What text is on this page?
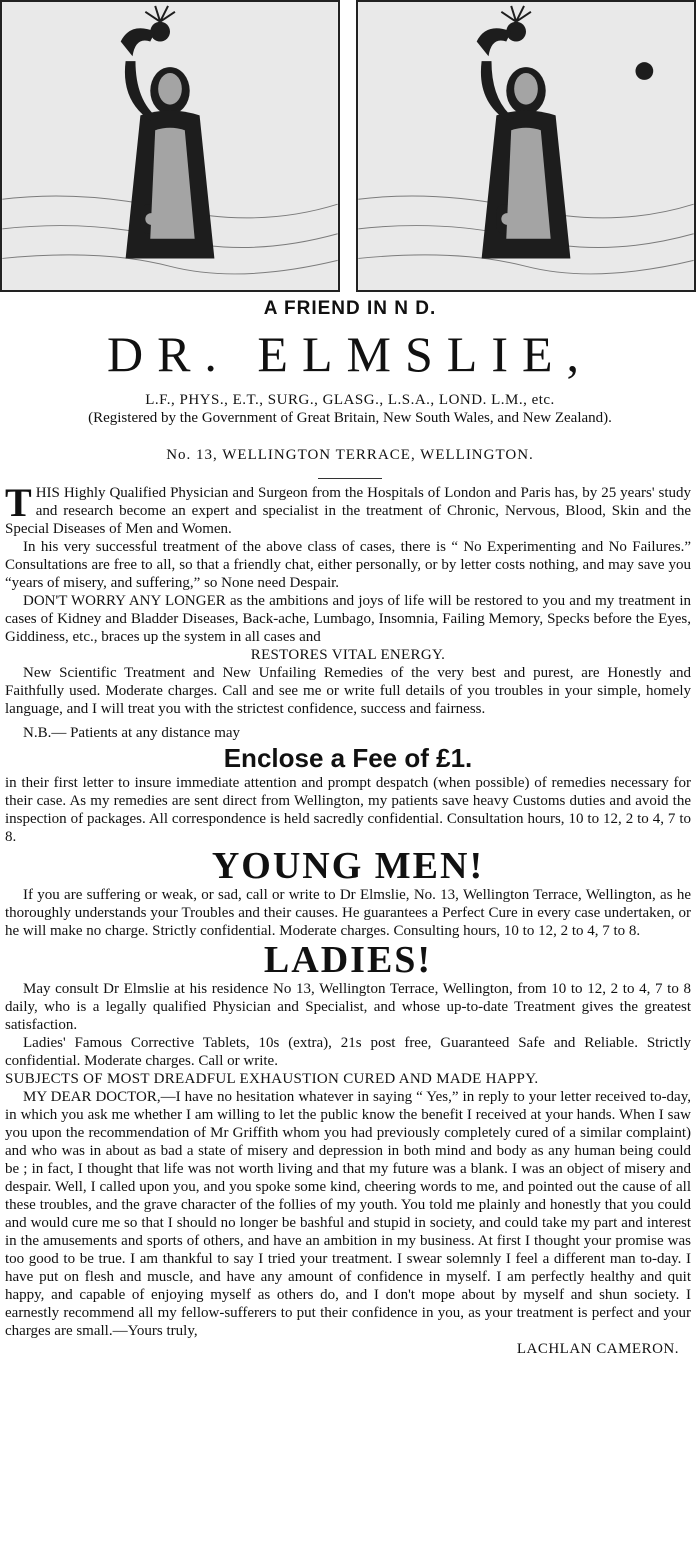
A FRIEND IN N D.
DR. ELMSLIE,
L.F., PHYS., E.T., SURG., GLASG., L.S.A., LOND. L.M., etc.
(Registered by the Government of Great Britain, New South Wales, and New Zealand).
No. 13, WELLINGTON TERRACE, WELLINGTON.

THIS Highly Qualified Physician and Surgeon from the Hospitals of London and Paris has, by 25 years' study and research become an expert and specialist in the treatment of Chronic, Nervous, Blood, Skin and the Special Diseases of Men and Women.

In his very successful treatment of the above class of cases, there is “ No Experimenting and No Failures.” Consultations are free to all, so that a friendly chat, either personally, or by letter costs nothing, and may save you “years of misery, and suffering,” so None need Despair.

DON'T WORRY ANY LONGER as the ambitions and joys of life will be restored to you and my treatment in cases of Kidney and Bladder Diseases, Back-ache, Lumbago, Insomnia, Failing Memory, Specks before the Eyes, Giddiness, etc., braces up the system in all cases and

RESTORES VITAL ENERGY.

New Scientific Treatment and New Unfailing Remedies of the very best and purest, are Honestly and Faithfully used. Moderate charges. Call and see me or write full details of you troubles in your simple, homely language, and I will treat you with the strictest confidence, success and fairness.

N.B.— Patients at any distance may

Enclose a Fee of £1.

in their first letter to insure immediate attention and prompt despatch (when possible) of remedies necessary for their case. As my remedies are sent direct from Wellington, my patients save heavy Customs duties and avoid the inspection of packages. All correspondence is held sacredly confidential. Consultation hours, 10 to 12, 2 to 4, 7 to 8.

YOUNG MEN!

If you are suffering or weak, or sad, call or write to Dr Elmslie, No. 13, Wellington Terrace, Wellington, as he thoroughly understands your Troubles and their causes. He guarantees a Perfect Cure in every case undertaken, or he will make no charge. Strictly confidential. Moderate charges. Consulting hours, 10 to 12, 2 to 4, 7 to 8.

LADIES!

May consult Dr Elmslie at his residence No 13, Wellington Terrace, Wellington, from 10 to 12, 2 to 4, 7 to 8 daily, who is a legally qualified Physician and Specialist, and whose up-to-date Treatment gives the greatest satisfaction.

Ladies' Famous Corrective Tablets, 10s (extra), 21s post free, Guaranteed Safe and Reliable. Strictly confidential. Moderate charges. Call or write.

SUBJECTS OF MOST DREADFUL EXHAUSTION CURED AND MADE HAPPY.

MY DEAR DOCTOR,—I have no hesitation whatever in saying “ Yes,” in reply to your letter received to-day, in which you ask me whether I am willing to let the public know the benefit I received at your hands. When I saw you upon the recommendation of Mr Griffith whom you had previously completely cured of a similar complaint) and who was in about as bad a state of misery and depression in both mind and body as any human being could be ; in fact, I thought that life was not worth living and that my future was a blank. I was an object of misery and despair. Well, I called upon you, and you spoke some kind, cheering words to me, and pointed out the cause of all these troubles, and the grave character of the follies of my youth. You told me plainly and honestly that you could and would cure me so that I should no longer be bashful and stupid in society, and could take my part and interest in the amusements and sports of others, and have an ambition in my business. At first I thought your promise was too good to be true. I am thankful to say I tried your treatment. I swear solemnly I feel a different man to-day. I have put on flesh and muscle, and have any amount of confidence in myself. I am perfectly healthy and quit happy, and capable of enjoying myself as others do, and I don't mope about by myself and shun society. I earnestly recommend all my fellow-sufferers to put their confidence in you, as your treatment is perfect and your charges are small.—Yours truly,

LACHLAN CAMERON.
